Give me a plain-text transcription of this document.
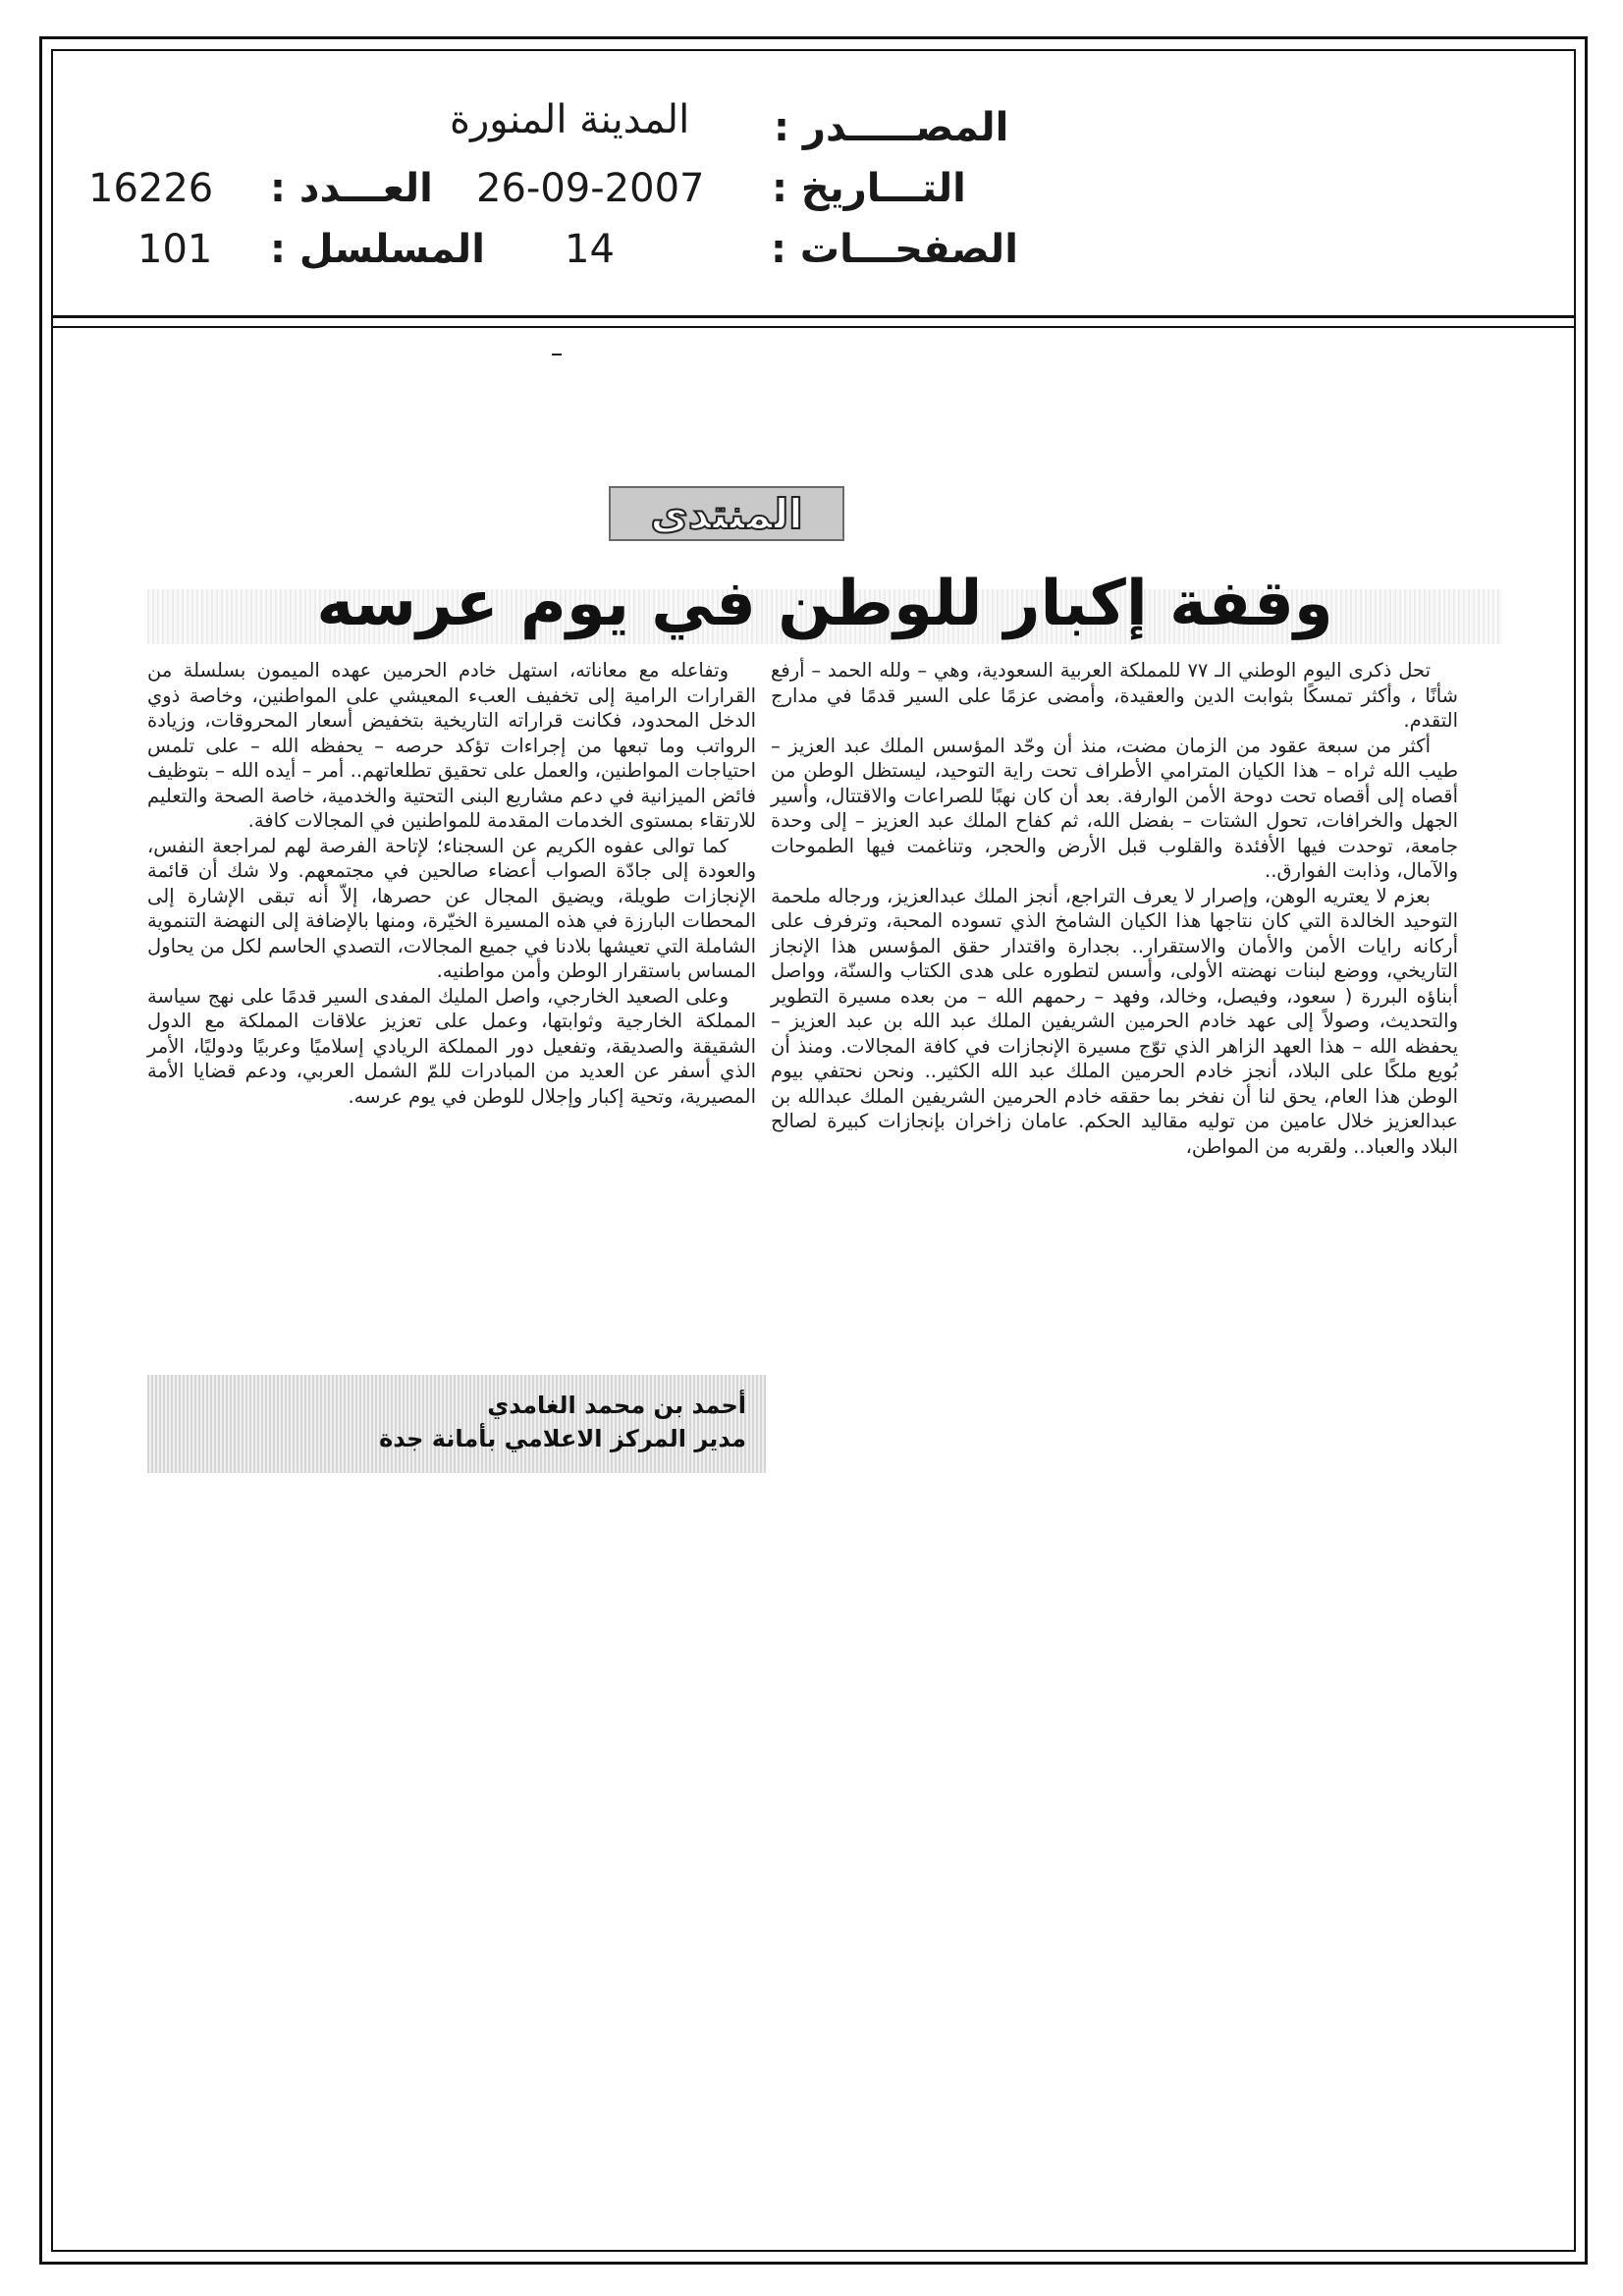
المصـــــدر :
المدينة المنورة
التـــاريخ :
26-09-2007
العـــدد :
16226
الصفحـــات :
14
المسلسل :
101
المنتدى
وقفة إكبار للوطن في يوم عرسه

تحل ذكرى اليوم الوطني الـ ٧٧ للمملكة العربية السعودية، وهي – ولله الحمد – أرفع شأنًا ، وأكثر تمسكًا بثوابت الدين والعقيدة، وأمضى عزمًا على السير قدمًا في مدارج التقدم.

أكثر من سبعة عقود من الزمان مضت، منذ أن وحّد المؤسس الملك عبد العزيز – طيب الله ثراه – هذا الكيان المترامي الأطراف تحت راية التوحيد، ليستظل الوطن من أقصاه إلى أقصاه تحت دوحة الأمن الوارفة. بعد أن كان نهبًا للصراعات والاقتتال، وأسير الجهل والخرافات، تحول الشتات – بفضل الله، ثم كفاح الملك عبد العزيز – إلى وحدة جامعة، توحدت فيها الأفئدة والقلوب قبل الأرض والحجر، وتناغمت فيها الطموحات والآمال، وذابت الفوارق..

بعزم لا يعتريه الوهن، وإصرار لا يعرف التراجع، أنجز الملك عبدالعزيز، ورجاله ملحمة التوحيد الخالدة التي كان نتاجها هذا الكيان الشامخ الذي تسوده المحبة، وترفرف على أركانه رايات الأمن والأمان والاستقرار.. بجدارة واقتدار حقق المؤسس هذا الإنجاز التاريخي، ووضع لبنات نهضته الأولى، وأسس لتطوره على هدى الكتاب والسنّة، وواصل أبناؤه البررة ( سعود، وفيصل، وخالد، وفهد – رحمهم الله – من بعده مسيرة التطوير والتحديث، وصولاً إلى عهد خادم الحرمين الشريفين الملك عبد الله بن عبد العزيز – يحفظه الله – هذا العهد الزاهر الذي توّج مسيرة الإنجازات في كافة المجالات. ومنذ أن بُويع ملكًا على البلاد، أنجز خادم الحرمين الملك عبد الله الكثير.. ونحن نحتفي بيوم الوطن هذا العام، يحق لنا أن نفخر بما حققه خادم الحرمين الشريفين الملك عبدالله بن عبدالعزيز خلال عامين من توليه مقاليد الحكم. عامان زاخران بإنجازات كبيرة لصالح البلاد والعباد.. ولقربه من المواطن،

وتفاعله مع معاناته، استهل خادم الحرمين عهده الميمون بسلسلة من القرارات الرامية إلى تخفيف العبء المعيشي على المواطنين، وخاصة ذوي الدخل المحدود، فكانت قراراته التاريخية بتخفيض أسعار المحروقات، وزيادة الرواتب وما تبعها من إجراءات تؤكد حرصه – يحفظه الله – على تلمس احتياجات المواطنين، والعمل على تحقيق تطلعاتهم.. أمر – أيده الله – بتوظيف فائض الميزانية في دعم مشاريع البنى التحتية والخدمية، خاصة الصحة والتعليم للارتقاء بمستوى الخدمات المقدمة للمواطنين في المجالات كافة.

كما توالى عفوه الكريم عن السجناء؛ لإتاحة الفرصة لهم لمراجعة النفس، والعودة إلى جادّة الصواب أعضاء صالحين في مجتمعهم. ولا شك أن قائمة الإنجازات طويلة، ويضيق المجال عن حصرها، إلاّ أنه تبقى الإشارة إلى المحطات البارزة في هذه المسيرة الخيّرة، ومنها بالإضافة إلى النهضة التنموية الشاملة التي تعيشها بلادنا في جميع المجالات، التصدي الحاسم لكل من يحاول المساس باستقرار الوطن وأمن مواطنيه.

وعلى الصعيد الخارجي، واصل المليك المفدى السير قدمًا على نهج سياسة المملكة الخارجية وثوابتها، وعمل على تعزيز علاقات المملكة مع الدول الشقيقة والصديقة، وتفعيل دور المملكة الريادي إسلاميًا وعربيًا ودوليًا، الأمر الذي أسفر عن العديد من المبادرات للمّ الشمل العربي، ودعم قضايا الأمة المصيرية، وتحية إكبار وإجلال للوطن في يوم عرسه.

أحمد بن محمد الغامدي
مدير المركز الاعلامي بأمانة جدة
